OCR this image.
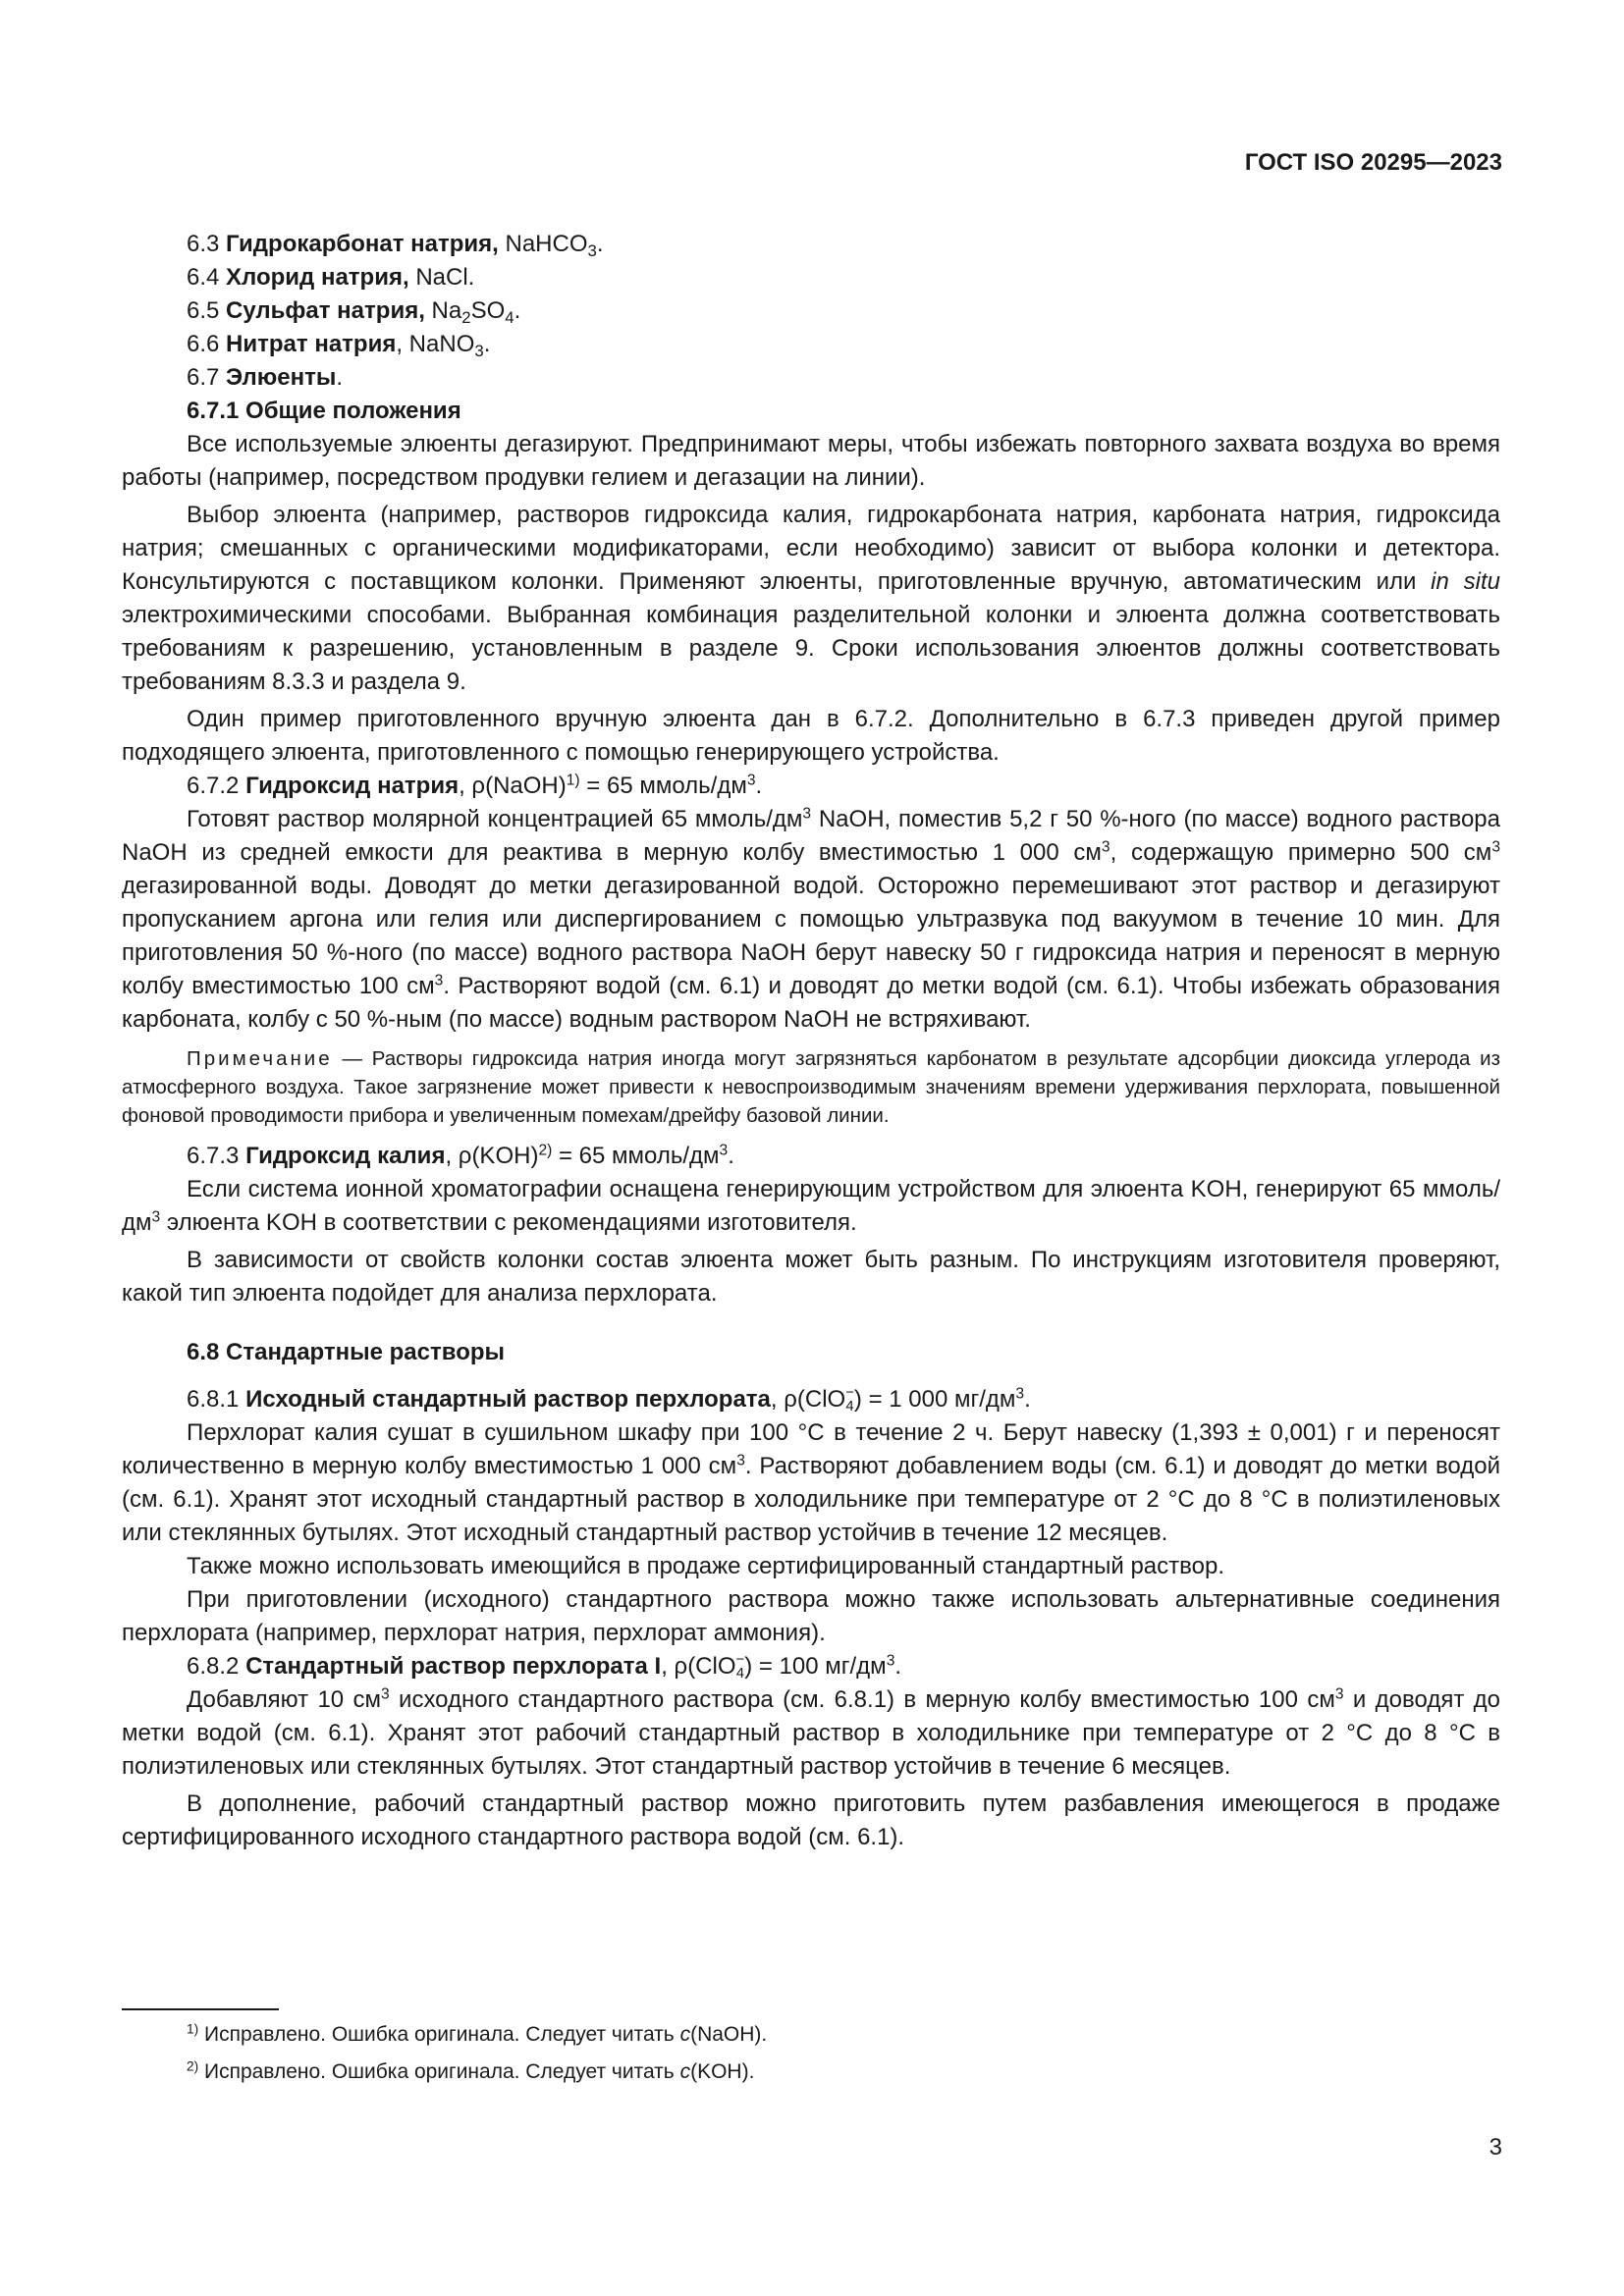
ГОСТ ISO 20295—2023
6.3 Гидрокарбонат натрия, NaHCO$_3$.
6.4 Хлорид натрия, NaCl.
6.5 Сульфат натрия, $Na_2SO_4$.
6.6 Нитрат натрия, NaNO$_3$.
6.7 Элюенты.
6.7.1 Общие положения

Все используемые элюенты дегазируют. Предпринимают меры, чтобы избежать повторного захвата воздуха во время работы (например, посредством продувки гелием и дегазации на линии).

Выбор элюента (например, растворов гидроксида калия, гидрокарбоната натрия, карбоната натрия, гидроксида натрия; смешанных с органическими модификаторами, если необходимо) зависит от выбора колонки и детектора. Консультируются с поставщиком колонки. Применяют элюенты, приготовленные вручную, автоматическим или in situ электрохимическими способами. Выбранная комбинация разделительной колонки и элюента должна соответствовать требованиям к разрешению, установленным в разделе 9. Сроки использования элюентов должны соответствовать требованиям 8.3.3 и раздела 9.

Один пример приготовленного вручную элюента дан в 6.7.2. Дополнительно в 6.7.3 приведен другой пример подходящего элюента, приготовленного с помощью генерирующего устройства.

6.7.2 Гидроксид натрия, ρ(NaOH)$^{1)}$ = 65 ммоль/$дм^3$.

Готовят раствор молярной концентрацией 65 ммоль/$дм^3$ NaOH, поместив 5,2 г 50 %-ного (по массе) водного раствора NaOH из средней емкости для реактива в мерную колбу вместимостью 1 000 $см^3$, содержащую примерно 500 $см^3$ дегазированной воды. Доводят до метки дегазированной водой. Осторожно перемешивают этот раствор и дегазируют пропусканием аргона или гелия или диспергированием с помощью ультразвука под вакуумом в течение 10 мин. Для приготовления 50 %-ного (по массе) водного раствора NaOH берут навеску 50 г гидроксида натрия и переносят в мерную колбу вместимостью 100 $см^3$. Растворяют водой (см. 6.1) и доводят до метки водой (см. 6.1). Чтобы избежать образования карбоната, колбу с 50 %-ным (по массе) водным раствором NaOH не встряхивают.

Примечание — Растворы гидроксида натрия иногда могут загрязняться карбонатом в результате адсорбции диоксида углерода из атмосферного воздуха. Такое загрязнение может привести к невоспроизводимым значениям времени удерживания перхлората, повышенной фоновой проводимости прибора и увеличенным помехам/дрейфу базовой линии.

6.7.3 Гидроксид калия, ρ(KOH)$^{2)}$ = 65 ммоль/$дм^3$.

Если система ионной хроматографии оснащена генерирующим устройством для элюента KOH, генерируют 65 ммоль/$дм^3$ элюента KOH в соответствии с рекомендациями изготовителя.

В зависимости от свойств колонки состав элюента может быть разным. По инструкциям изготовителя проверяют, какой тип элюента подойдет для анализа перхлората.

6.8 Стандартные растворы
6.8.1 Исходный стандартный раствор перхлората, ρ(ClO −
4 ) = 1 000 $мг/дм^3$.

Перхлорат калия сушат в сушильном шкафу при 100 °C в течение 2 ч. Берут навеску (1,393 ± 0,001) г и переносят количественно в мерную колбу вместимостью 1 000 $см^3$. Растворяют добавлением воды (см. 6.1) и доводят до метки водой (см. 6.1). Хранят этот исходный стандартный раствор в холодильнике при температуре от 2 °C до 8 °C в полиэтиленовых или стеклянных бутылях. Этот исходный стандартный раствор устойчив в течение 12 месяцев.

Также можно использовать имеющийся в продаже сертифицированный стандартный раствор.

При приготовлении (исходного) стандартного раствора можно также использовать альтернативные соединения перхлората (например, перхлорат натрия, перхлорат аммония).

6.8.2 Стандартный раствор перхлората I, ρ(ClO −
4 ) = 100 $мг/дм^3$.

Добавляют 10 $см^3$ исходного стандартного раствора (см. 6.8.1) в мерную колбу вместимостью 100 $см^3$ и доводят до метки водой (см. 6.1). Хранят этот рабочий стандартный раствор в холодильнике при температуре от 2 °C до 8 °C в полиэтиленовых или стеклянных бутылях. Этот стандартный раствор устойчив в течение 6 месяцев.

В дополнение, рабочий стандартный раствор можно приготовить путем разбавления имеющегося в продаже сертифицированного исходного стандартного раствора водой (см. 6.1).

$^{1)}$ Исправлено. Ошибка оригинала. Следует читать c(NaOH).
$^{2)}$ Исправлено. Ошибка оригинала. Следует читать c(KOH).
3
